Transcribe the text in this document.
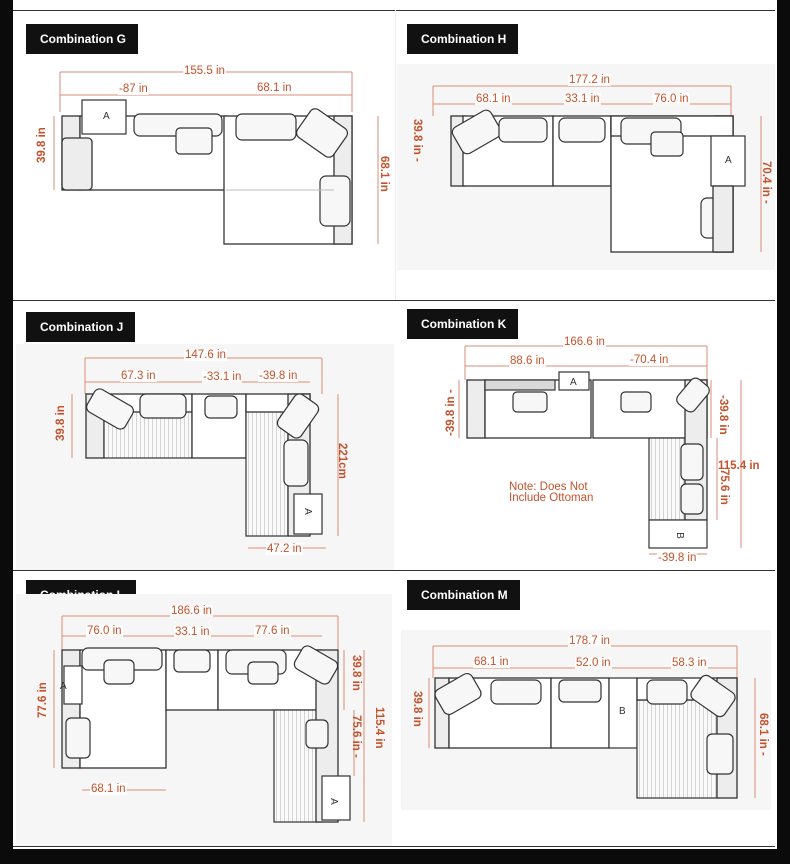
Combination G
A
155.5 in
-87 in	68.1 in
39.8 in
68.1 in
Combination H
A
177.2 in
68.1 in	33.1 in	76.0 in
39.8 in -
70.4 in -
Combination J
A
147.6 in
67.3 in	-33.1 in -39.8 in
39.8 in
221cm
47.2 in
Combination K
A
B
Note: Does Not
Include Ottoman
166.6 in
88.6 in	-70.4 in
-39.8 in -	-39.8 in
115.4 in
75.6 in
-39.8 in
A
A
186.6 in
76.0 in	33.1 in	77.6 in
77.6 in
39.8 in
115.4 in
75.6 in -
68.1 in
Combination M
B
178.7 in
68.1 in	52.0 in	58.3 in
39.8 in
68.1 in -
